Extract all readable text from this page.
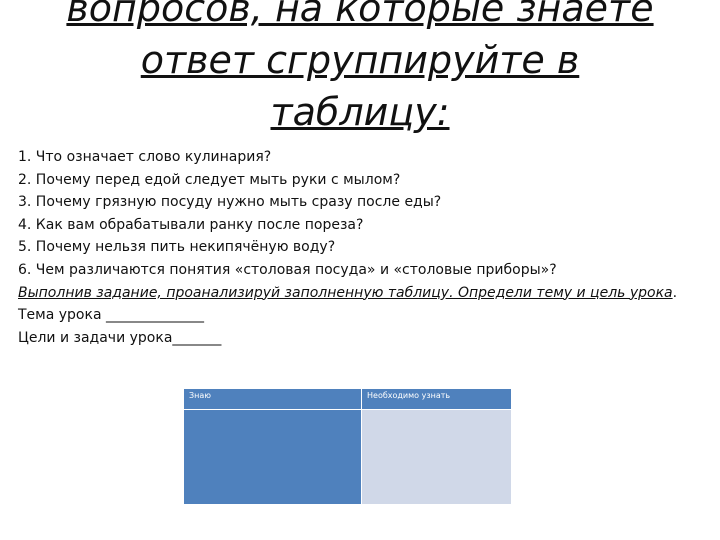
вопросов, на которые знаете
ответ сгруппируйте в
таблицу:
1. Что означает слово кулинария?
2. Почему перед едой следует мыть руки с мылом?
3. Почему грязную посуду нужно мыть сразу после еды?
4. Как вам обрабатывали ранку после пореза?
5. Почему нельзя пить некипячёную воду?
6. Чем различаются понятия «столовая посуда» и «столовые приборы»?
Выполнив задание, проанализируй заполненную таблицу. Определи тему и цель урока.
Тема урока ______________
Цели и задачи урока_______
Знаю	Необходимо узнать
